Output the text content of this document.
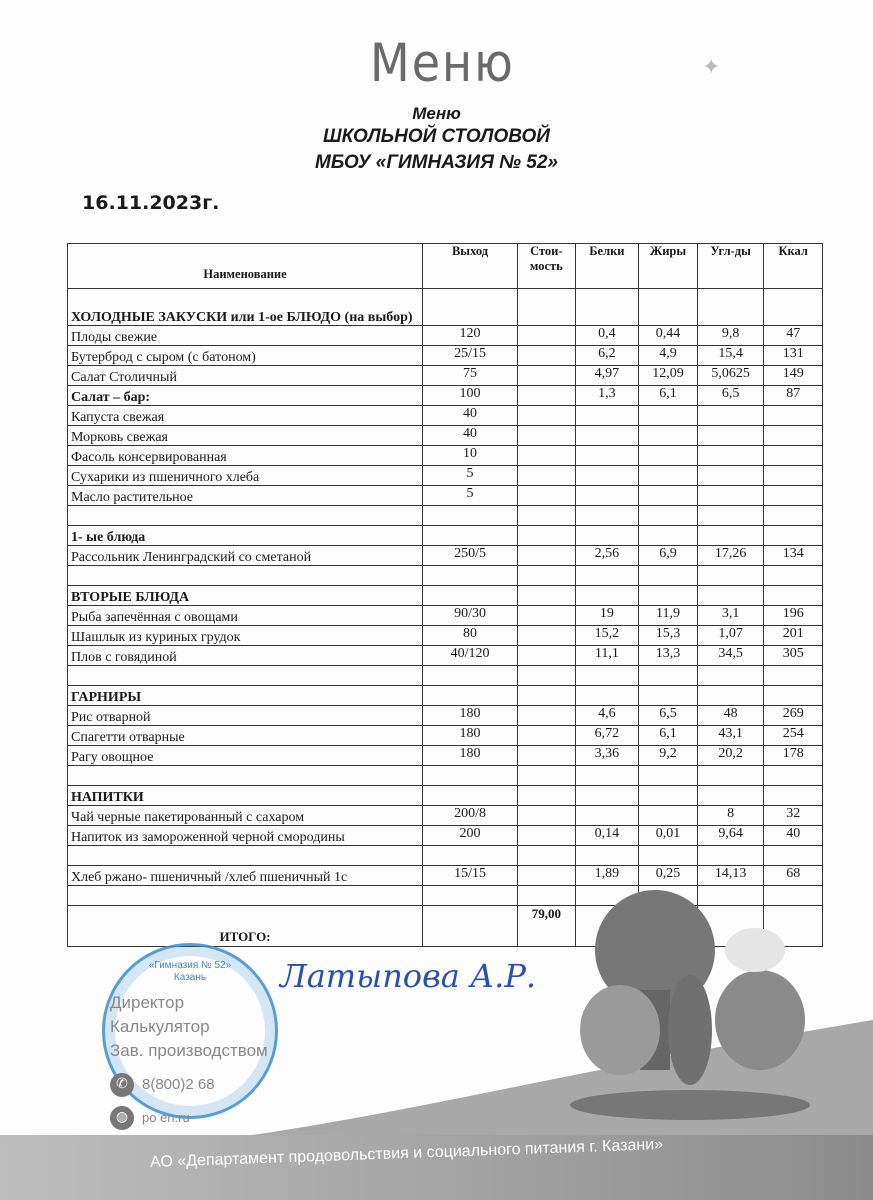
Меню	✦
Меню
ШКОЛЬНОЙ СТОЛОВОЙ
МБОУ «ГИМНАЗИЯ № 52»
16.11.2023г.
Наименование	Выход	Стои-мость	Белки	Жиры	Угл-ды	Ккал
ХОЛОДНЫЕ ЗАКУСКИ или 1-ое БЛЮДО (на выбор)						
Плоды свежие	120		0,4	0,44	9,8	47
Бутерброд с сыром (с батоном)	25/15		6,2	4,9	15,4	131
Салат Столичный	75		4,97	12,09	5,0625	149
Салат – бар:	100		1,3	6,1	6,5	87
Капуста свежая	40					
Морковь свежая	40					
Фасоль консервированная	10					
Сухарики из пшеничного хлеба	5					
Масло растительное	5					

1- ые блюда						
Рассольник Ленинградский со сметаной	250/5		2,56	6,9	17,26	134

ВТОРЫЕ БЛЮДА						
Рыба запечённая с овощами	90/30		19	11,9	3,1	196
Шашлык из куриных грудок	80		15,2	15,3	1,07	201
Плов с говядиной	40/120		11,1	13,3	34,5	305

ГАРНИРЫ						
Рис отварной	180		4,6	6,5	48	269
Спагетти отварные	180		6,72	6,1	43,1	254
Рагу овощное	180		3,36	9,2	20,2	178

НАПИТКИ						
Чай черные пакетированный с сахаром	200/8				8	32
Напиток из замороженной черной смородины	200		0,14	0,01	9,64	40

Хлеб ржано- пшеничный /хлеб пшеничный 1с	15/15		1,89	0,25	14,13	68

ИТОГО:		79,00				
АО «Департамент продовольствия и социального питания г. Казани»
«Гимназия № 52» Казань
Директор
Калькулятор
Зав. производством
✆ 8(800)2 68
◍	po en.ru
Латыпова А.Р.
